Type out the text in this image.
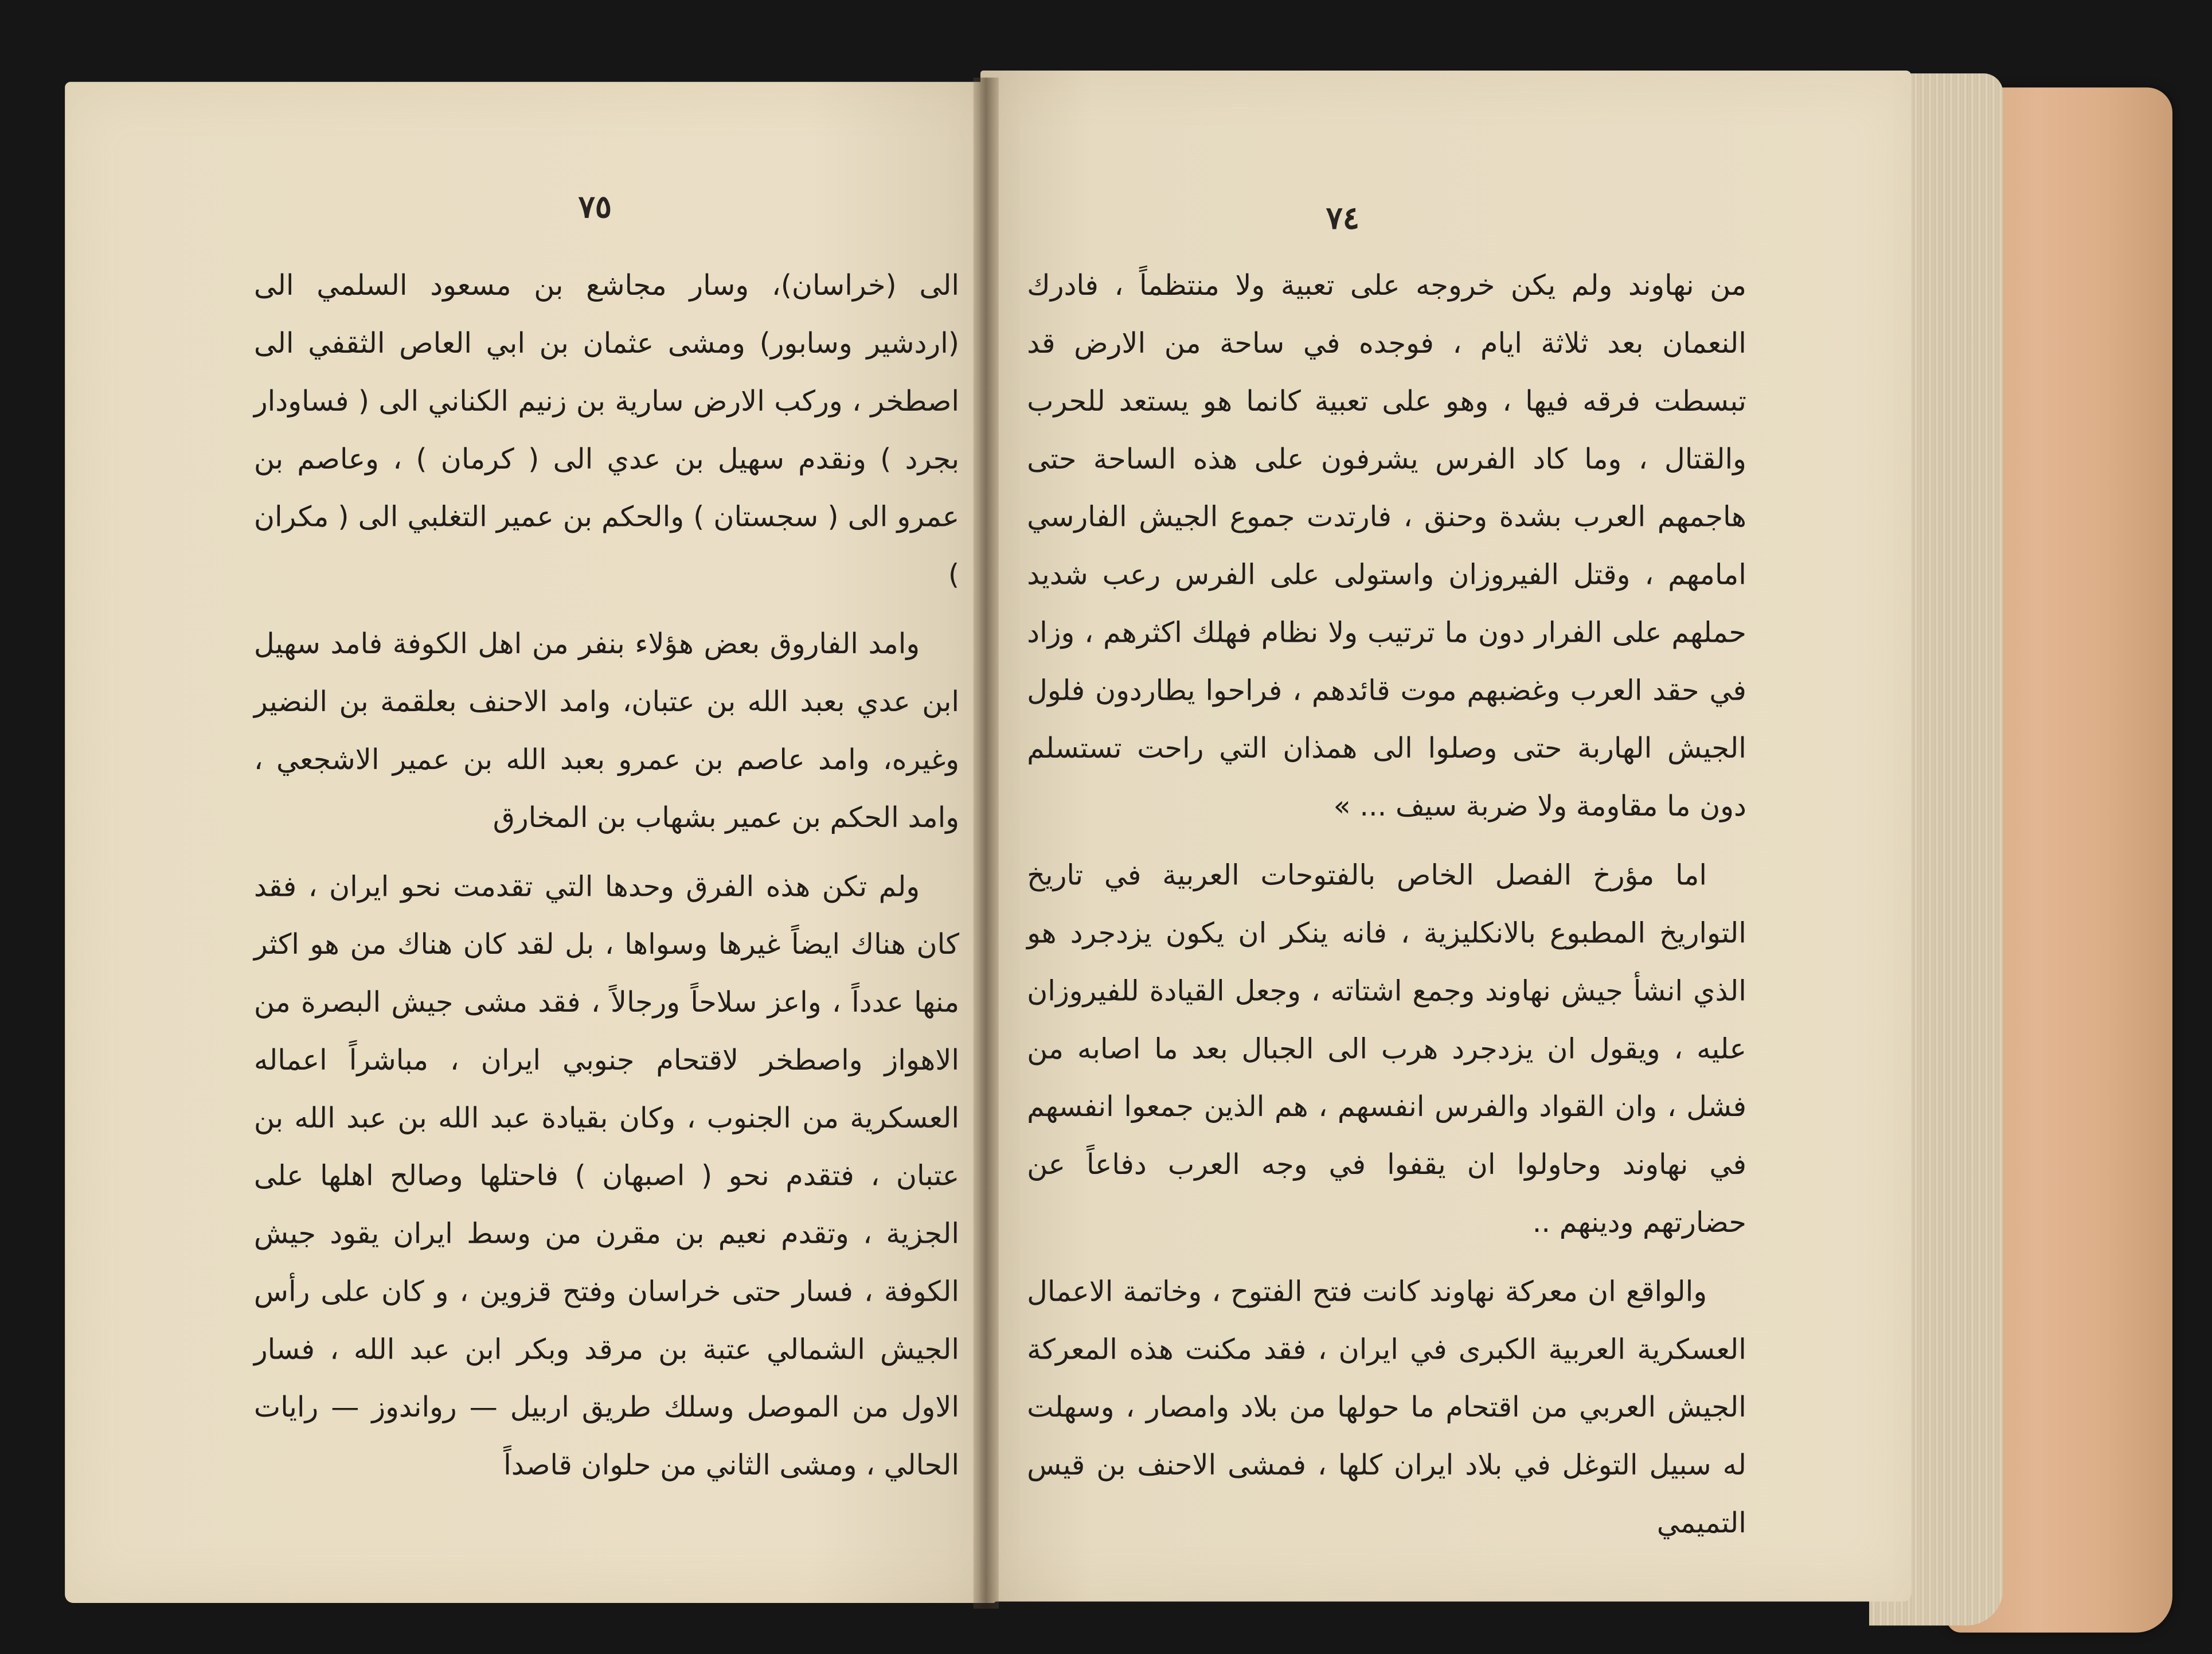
٧٥	٧٤

الى (خراسان)، وسار مجاشع بن مسعود السلمي الى (اردشير وسابور) ومشى عثمان بن ابي العاص الثقفي الى اصطخر ، وركب الارض سارية بن زنيم الكناني الى ( فساودار بجرد ) ونقدم سهيل بن عدي الى ( كرمان ) ، وعاصم بن عمرو الى ( سجستان ) والحكم بن عمير التغلبي الى ( مكران )

وامد الفاروق بعض هؤلاء بنفر من اهل الكوفة فامد سهيل ابن عدي بعبد الله بن عتبان، وامد الاحنف بعلقمة بن النضير وغيره، وامد عاصم بن عمرو بعبد الله بن عمير الاشجعي ، وامد الحكم بن عمير بشهاب بن المخارق

ولم تكن هذه الفرق وحدها التي تقدمت نحو ايران ، فقد كان هناك ايضاً غيرها وسواها ، بل لقد كان هناك من هو اكثر منها عدداً ، واعز سلاحاً ورجالاً ، فقد مشى جيش البصرة من الاهواز واصطخر لاقتحام جنوبي ايران ، مباشراً اعماله العسكرية من الجنوب ، وكان بقيادة عبد الله بن عبد الله بن عتبان ، فتقدم نحو ( اصبهان ) فاحتلها وصالح اهلها على الجزية ، وتقدم نعيم بن مقرن من وسط ايران يقود جيش الكوفة ، فسار حتى خراسان وفتح قزوين ، و كان على رأس الجيش الشمالي عتبة بن مرقد وبكر ابن عبد الله ، فسار الاول من الموصل وسلك طريق اربيل — رواندوز — رايات الحالي ، ومشى الثاني من حلوان قاصداً

من نهاوند ولم يكن خروجه على تعبية ولا منتظماً ، فادرك النعمان بعد ثلاثة ايام ، فوجده في ساحة من الارض قد تبسطت فرقه فيها ، وهو على تعبية كانما هو يستعد للحرب والقتال ، وما كاد الفرس يشرفون على هذه الساحة حتى هاجمهم العرب بشدة وحنق ، فارتدت جموع الجيش الفارسي امامهم ، وقتل الفيروزان واستولى على الفرس رعب شديد حملهم على الفرار دون ما ترتيب ولا نظام فهلك اكثرهم ، وزاد في حقد العرب وغضبهم موت قائدهم ، فراحوا يطاردون فلول الجيش الهاربة حتى وصلوا الى همذان التي راحت تستسلم دون ما مقاومة ولا ضربة سيف ... »

اما مؤرخ الفصل الخاص بالفتوحات العربية في تاريخ التواريخ المطبوع بالانكليزية ، فانه ينكر ان يكون يزدجرد هو الذي انشأ جيش نهاوند وجمع اشتاته ، وجعل القيادة للفيروزان عليه ، ويقول ان يزدجرد هرب الى الجبال بعد ما اصابه من فشل ، وان القواد والفرس انفسهم ، هم الذين جمعوا انفسهم في نهاوند وحاولوا ان يقفوا في وجه العرب دفاعاً عن حضارتهم ودينهم ..

والواقع ان معركة نهاوند كانت فتح الفتوح ، وخاتمة الاعمال العسكرية العربية الكبرى في ايران ، فقد مكنت هذه المعركة الجيش العربي من اقتحام ما حولها من بلاد وامصار ، وسهلت له سبيل التوغل في بلاد ايران كلها ، فمشى الاحنف بن قيس التميمي
